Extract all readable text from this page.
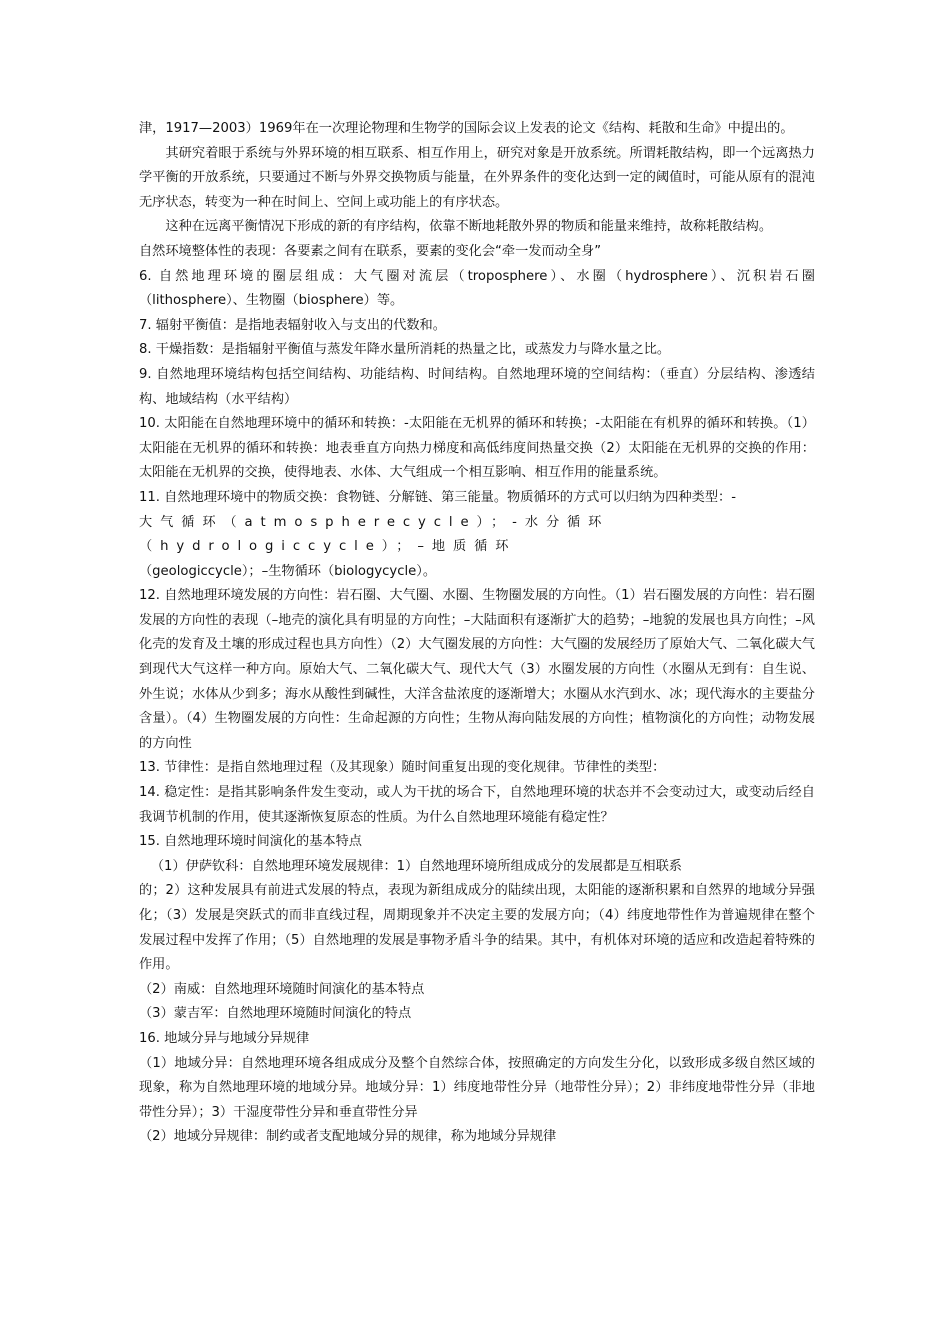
津，1917—2003）1969年在一次理论物理和生物学的国际会议上发表的论文《结构、耗散和生命》中提出的。

其研究着眼于系统与外界环境的相互联系、相互作用上，研究对象是开放系统。所谓耗散结构，即一个远离热力学平衡的开放系统，只要通过不断与外界交换物质与能量，在外界条件的变化达到一定的阈值时，可能从原有的混沌无序状态，转变为一种在时间上、空间上或功能上的有序状态。

这种在远离平衡情况下形成的新的有序结构，依靠不断地耗散外界的物质和能量来维持，故称耗散结构。

自然环境整体性的表现：各要素之间有在联系，要素的变化会“牵一发而动全身”

6. 自然地理环境的圈层组成：大气圈对流层（troposphere）、水圈（hydrosphere）、沉积岩石圈（lithosphere）、生物圈（biosphere）等。

7. 辐射平衡值：是指地表辐射收入与支出的代数和。

8. 干燥指数：是指辐射平衡值与蒸发年降水量所消耗的热量之比，或蒸发力与降水量之比。

9. 自然地理环境结构包括空间结构、功能结构、时间结构。自然地理环境的空间结构：（垂直）分层结构、渗透结构、地域结构（水平结构）

10. 太阳能在自然地理环境中的循环和转换：-太阳能在无机界的循环和转换；-太阳能在有机界的循环和转换。（1）太阳能在无机界的循环和转换：地表垂直方向热力梯度和高低纬度间热量交换（2）太阳能在无机界的交换的作用：太阳能在无机界的交换，使得地表、水体、大气组成一个相互影响、相互作用的能量系统。

11. 自然地理环境中的物质交换：食物链、分解链、第三能量。物质循环的方式可以归纳为四种类型：-

大气循环（atmospherecycle）；-水分循环（hydrologiccycle）；–地质循环

（geologiccycle）；–生物循环（biologycycle）。

12. 自然地理环境发展的方向性：岩石圈、大气圈、水圈、生物圈发展的方向性。（1）岩石圈发展的方向性：岩石圈发展的方向性的表现（–地壳的演化具有明显的方向性；–大陆面积有逐渐扩大的趋势；–地貌的发展也具方向性；–风化壳的发育及土壤的形成过程也具方向性）（2）大气圈发展的方向性：大气圈的发展经历了原始大气、二氧化碳大气到现代大气这样一种方向。原始大气、二氧化碳大气、现代大气（3）水圈发展的方向性（水圈从无到有：自生说、外生说；水体从少到多；海水从酸性到碱性，大洋含盐浓度的逐渐增大；水圈从水汽到水、冰；现代海水的主要盐分含量）。（4）生物圈发展的方向性：生命起源的方向性；生物从海向陆发展的方向性；植物演化的方向性；动物发展的方向性

13. 节律性：是指自然地理过程（及其现象）随时间重复出现的变化规律。节律性的类型：

14. 稳定性：是指其影响条件发生变动，或人为干扰的场合下，自然地理环境的状态并不会变动过大，或变动后经自我调节机制的作用，使其逐渐恢复原态的性质。为什么自然地理环境能有稳定性？

15. 自然地理环境时间演化的基本特点

（1）伊萨钦科：自然地理环境发展规律：1）自然地理环境所组成成分的发展都是互相联系

的；2）这种发展具有前进式发展的特点，表现为新组成成分的陆续出现，太阳能的逐渐积累和自然界的地域分异强化；（3）发展是突跃式的而非直线过程，周期现象并不决定主要的发展方向；（4）纬度地带性作为普遍规律在整个发展过程中发挥了作用；（5）自然地理的发展是事物矛盾斗争的结果。其中，有机体对环境的适应和改造起着特殊的作用。

（2）南威：自然地理环境随时间演化的基本特点

（3）蒙吉军：自然地理环境随时间演化的特点

16. 地域分异与地域分异规律

（1）地域分异：自然地理环境各组成成分及整个自然综合体，按照确定的方向发生分化，以致形成多级自然区域的现象，称为自然地理环境的地域分异。地域分异：1）纬度地带性分异（地带性分异）；2）非纬度地带性分异（非地带性分异）；3）干湿度带性分异和垂直带性分异

（2）地域分异规律：制约或者支配地域分异的规律，称为地域分异规律
